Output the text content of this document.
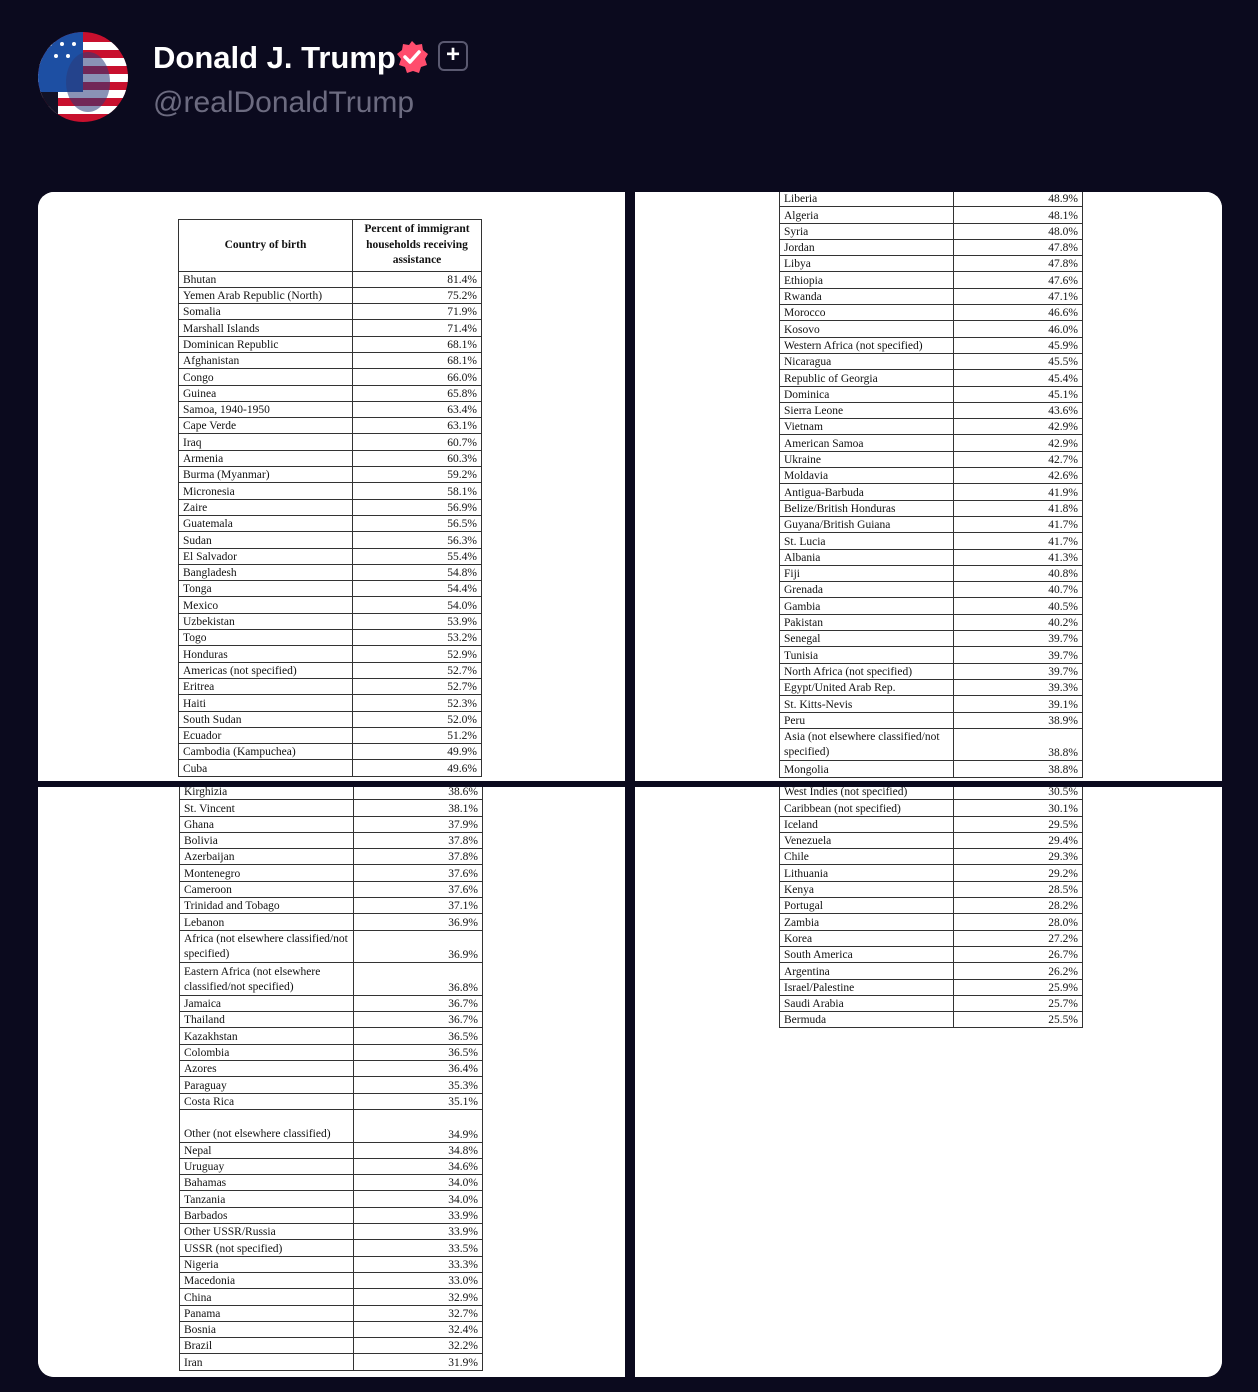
Donald J. Trump	+
@realDonaldTrump
Country of birth	Percent of immigrant households receiving assistance
Bhutan	81.4%
Yemen Arab Republic (North)	75.2%
Somalia	71.9%
Marshall Islands	71.4%
Dominican Republic	68.1%
Afghanistan	68.1%
Congo	66.0%
Guinea	65.8%
Samoa, 1940-1950	63.4%
Cape Verde	63.1%
Iraq	60.7%
Armenia	60.3%
Burma (Myanmar)	59.2%
Micronesia	58.1%
Zaire	56.9%
Guatemala	56.5%
Sudan	56.3%
El Salvador	55.4%
Bangladesh	54.8%
Tonga	54.4%
Mexico	54.0%
Uzbekistan	53.9%
Togo	53.2%
Honduras	52.9%
Americas (not specified)	52.7%
Eritrea	52.7%
Haiti	52.3%
South Sudan	52.0%
Ecuador	51.2%
Cambodia (Kampuchea)	49.9%
Cuba	49.6%
Liberia	48.9%
Algeria	48.1%
Syria	48.0%
Jordan	47.8%
Libya	47.8%
Ethiopia	47.6%
Rwanda	47.1%
Morocco	46.6%
Kosovo	46.0%
Western Africa (not specified)	45.9%
Nicaragua	45.5%
Republic of Georgia	45.4%
Dominica	45.1%
Sierra Leone	43.6%
Vietnam	42.9%
American Samoa	42.9%
Ukraine	42.7%
Moldavia	42.6%
Antigua-Barbuda	41.9%
Belize/British Honduras	41.8%
Guyana/British Guiana	41.7%
St. Lucia	41.7%
Albania	41.3%
Fiji	40.8%
Grenada	40.7%
Gambia	40.5%
Pakistan	40.2%
Senegal	39.7%
Tunisia	39.7%
North Africa (not specified)	39.7%
Egypt/United Arab Rep.	39.3%
St. Kitts-Nevis	39.1%
Peru	38.9%
Asia (not elsewhere classified/not specified)	38.8%
Mongolia	38.8%
Kirghizia	38.6%
St. Vincent	38.1%
Ghana	37.9%
Bolivia	37.8%
Azerbaijan	37.8%
Montenegro	37.6%
Cameroon	37.6%
Trinidad and Tobago	37.1%
Lebanon	36.9%
Africa (not elsewhere classified/not specified)	36.9%
Eastern Africa (not elsewhere classified/not specified)	36.8%
Jamaica	36.7%
Thailand	36.7%
Kazakhstan	36.5%
Colombia	36.5%
Azores	36.4%
Paraguay	35.3%
Costa Rica	35.1%
Other (not elsewhere classified)	34.9%
Nepal	34.8%
Uruguay	34.6%
Bahamas	34.0%
Tanzania	34.0%
Barbados	33.9%
Other USSR/Russia	33.9%
USSR (not specified)	33.5%
Nigeria	33.3%
Macedonia	33.0%
China	32.9%
Panama	32.7%
Bosnia	32.4%
Brazil	32.2%
Iran	31.9%
West Indies (not specified)	30.5%
Caribbean (not specified)	30.1%
Iceland	29.5%
Venezuela	29.4%
Chile	29.3%
Lithuania	29.2%
Kenya	28.5%
Portugal	28.2%
Zambia	28.0%
Korea	27.2%
South America	26.7%
Argentina	26.2%
Israel/Palestine	25.9%
Saudi Arabia	25.7%
Bermuda	25.5%
